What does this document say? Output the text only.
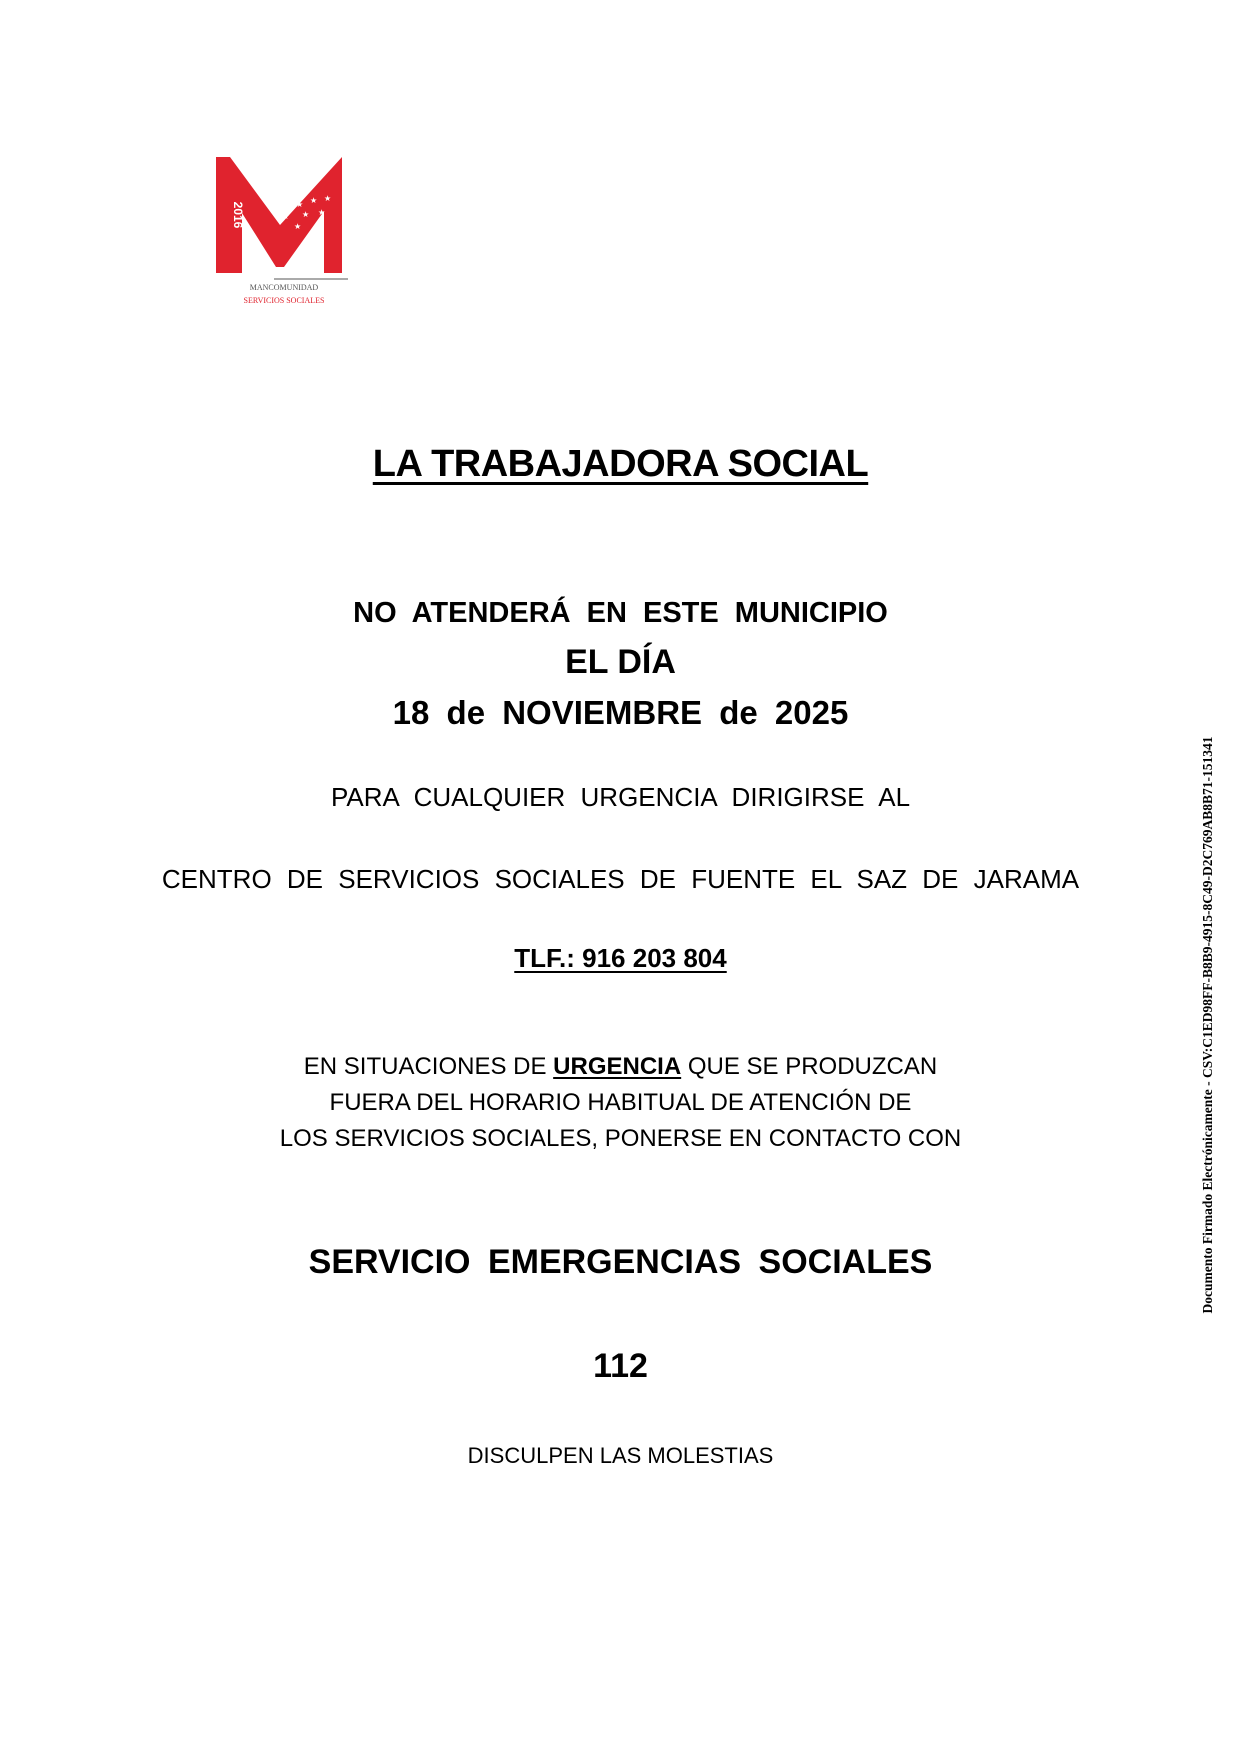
★ ★ ★
★ ★ ★
★
2016
MANCOMUNIDAD
SERVICIOS SOCIALES
LA TRABAJADORA SOCIAL
NO ATENDERÁ EN ESTE MUNICIPIO
EL DÍA
18 de NOVIEMBRE de 2025
PARA CUALQUIER URGENCIA DIRIGIRSE AL
CENTRO DE SERVICIOS SOCIALES DE FUENTE EL SAZ DE JARAMA
TLF.: 916 203 804
EN SITUACIONES DE URGENCIA QUE SE PRODUZCAN
FUERA DEL HORARIO HABITUAL DE ATENCIÓN DE
LOS SERVICIOS SOCIALES, PONERSE EN CONTACTO CON
SERVICIO EMERGENCIAS SOCIALES
112
DISCULPEN LAS MOLESTIAS
Documento Firmado Electrónicamente - CSV:C1ED98FF-B8B9-4915-8C49-D2C769AB8B71-151341
